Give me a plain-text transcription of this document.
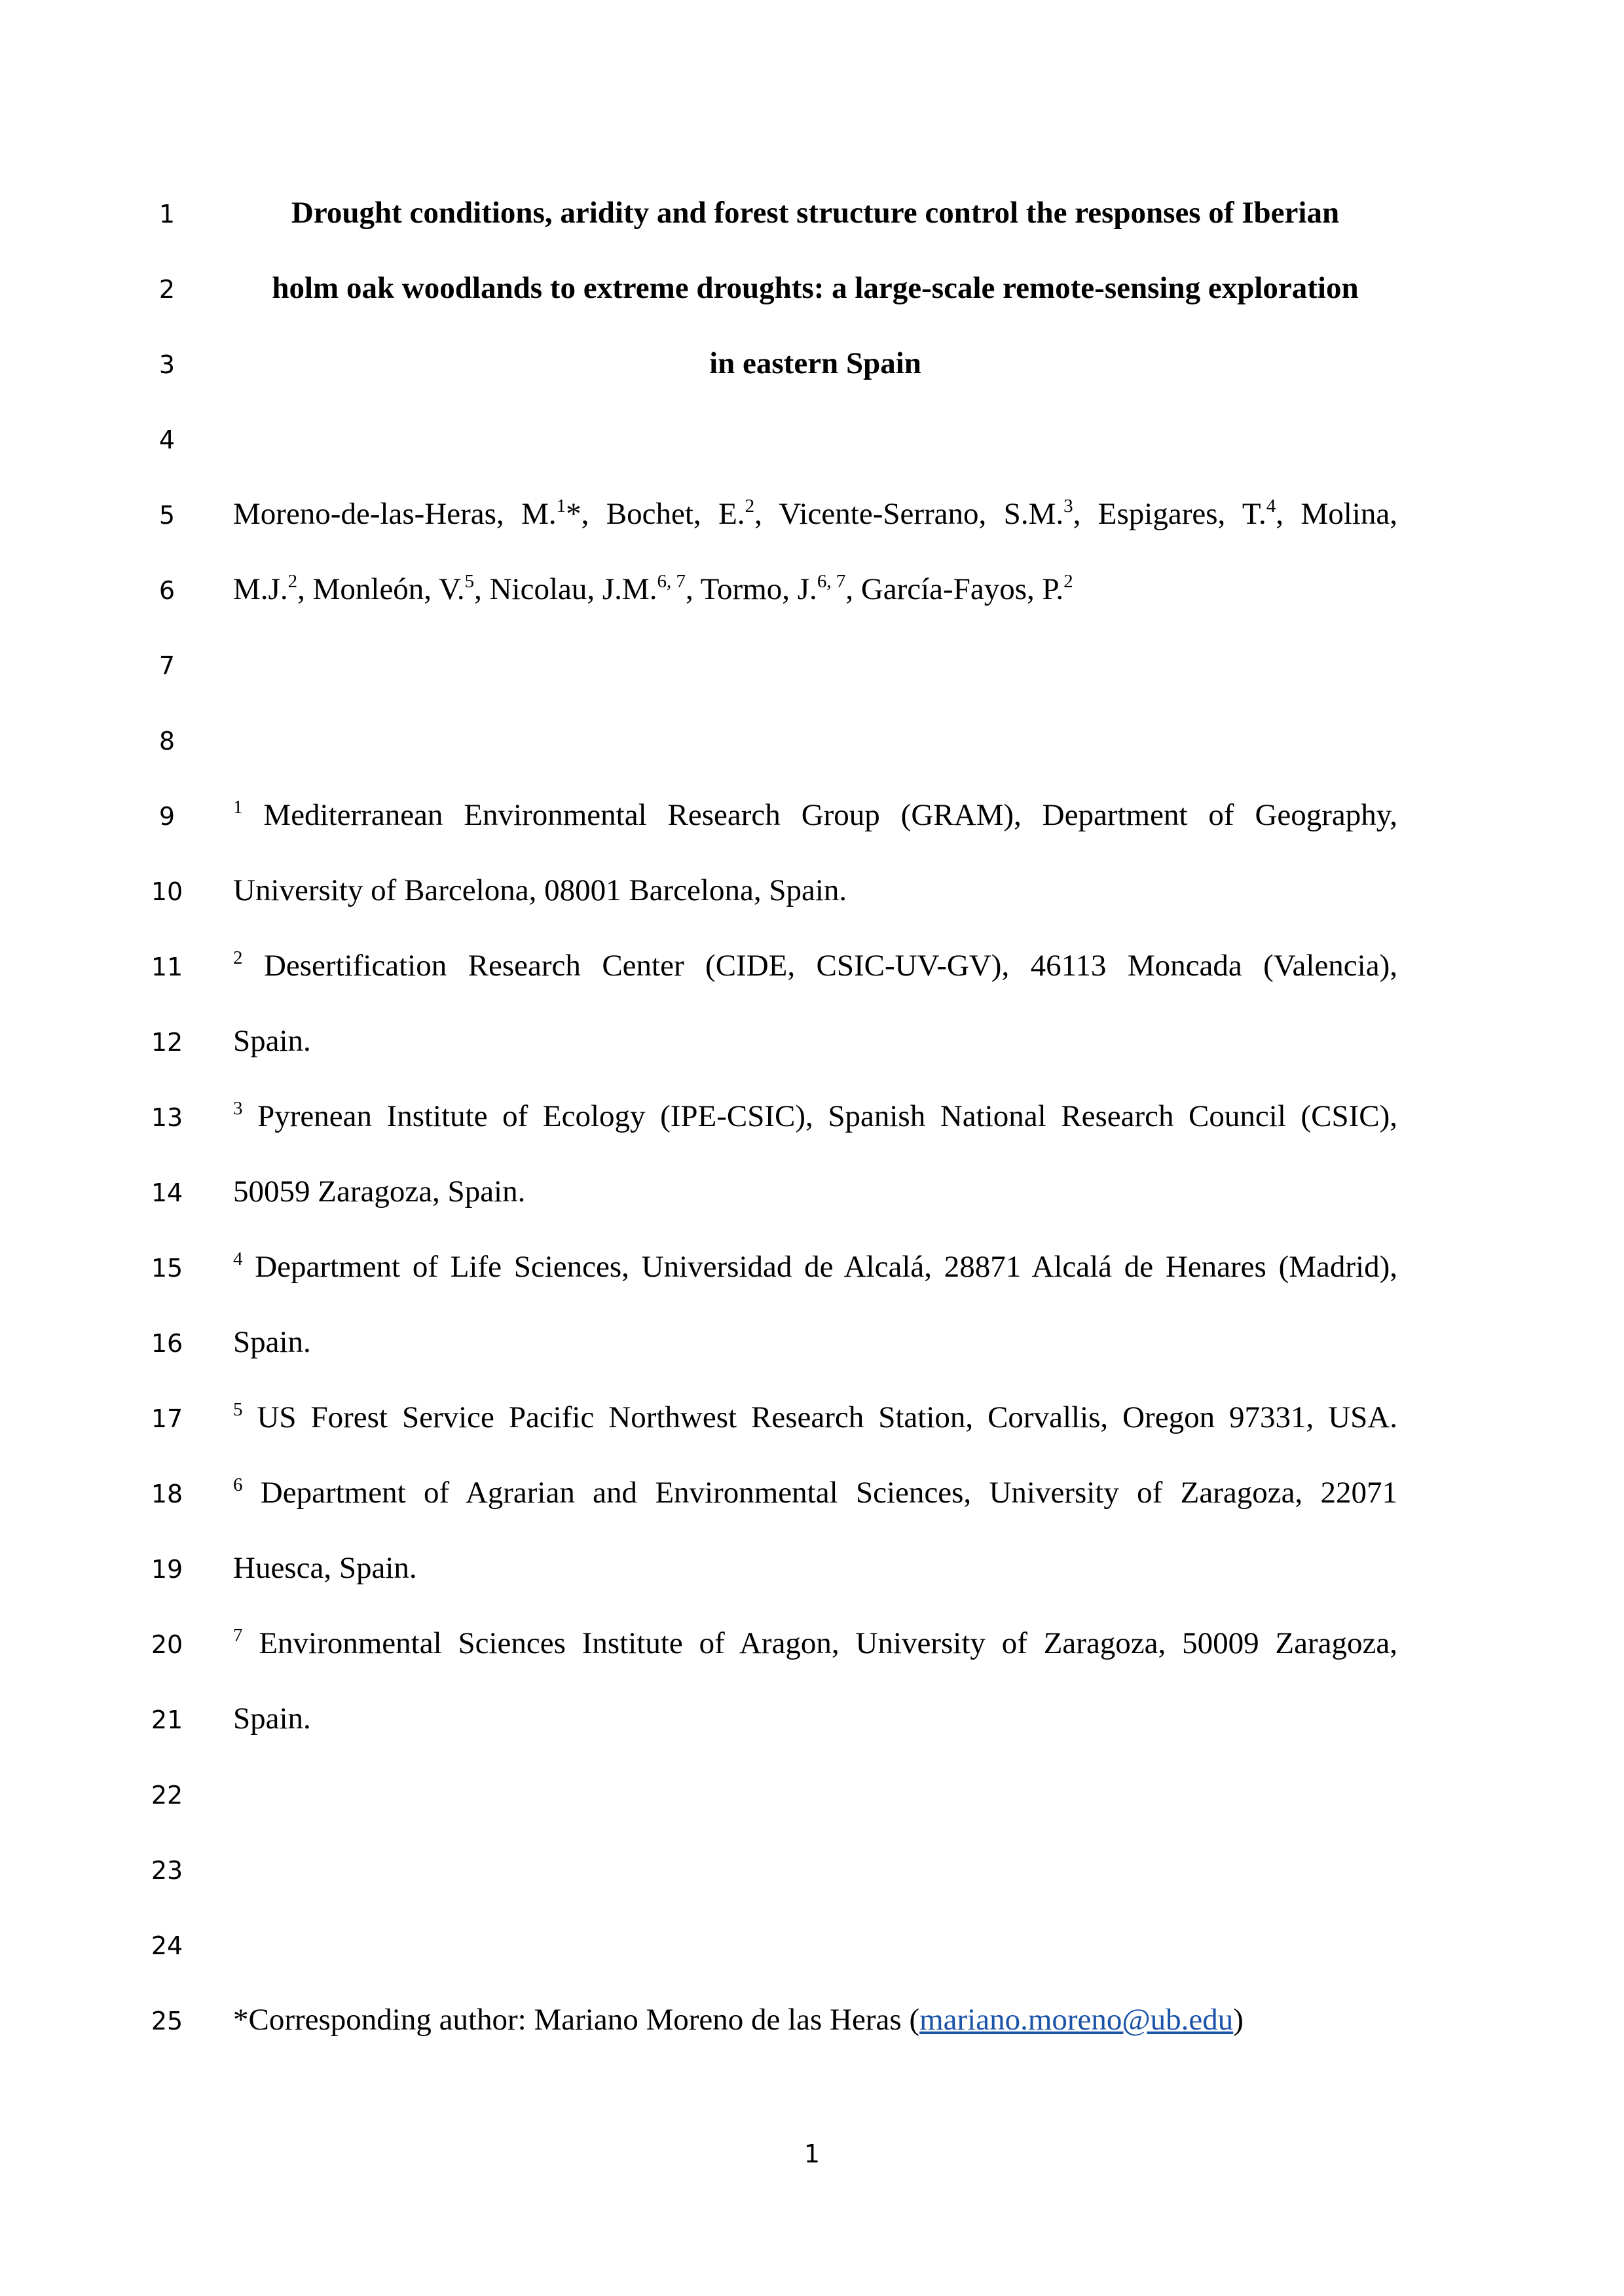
1
2
3
4
5
6
7
8
9
10
11
12
13
14
15
16
17
18
19
20
21
22
23
24
25
Drought conditions, aridity and forest structure control the responses of Iberian
holm oak woodlands to extreme droughts: a large-scale remote-sensing exploration
in eastern Spain
Moreno-de-las-Heras, M.$^1$*, Bochet, E.$^2$, Vicente-Serrano, S.M.$^3$, Espigares, T.$^4$, Molina,
M.J.$^2$, Monleón, V.$^5$, Nicolau, J.M.$^{6, 7}$, Tormo, J.$^{6, 7}$, García-Fayos, P.$^2$
$^1$ Mediterranean Environmental Research Group (GRAM), Department of Geography,
University of Barcelona, 08001 Barcelona, Spain.
$^2$ Desertification Research Center (CIDE, CSIC-UV-GV), 46113 Moncada (Valencia),
Spain.
$^3$ Pyrenean Institute of Ecology (IPE-CSIC), Spanish National Research Council (CSIC),
50059 Zaragoza, Spain.
$^4$ Department of Life Sciences, Universidad de Alcalá, 28871 Alcalá de Henares (Madrid),
Spain.
$^5$ US Forest Service Pacific Northwest Research Station, Corvallis, Oregon 97331, USA.
$^6$ Department of Agrarian and Environmental Sciences, University of Zaragoza, 22071
Huesca, Spain.
$^7$ Environmental Sciences Institute of Aragon, University of Zaragoza, 50009 Zaragoza,
Spain.
*Corresponding author: Mariano Moreno de las Heras (mariano.moreno@ub.edu)
1
